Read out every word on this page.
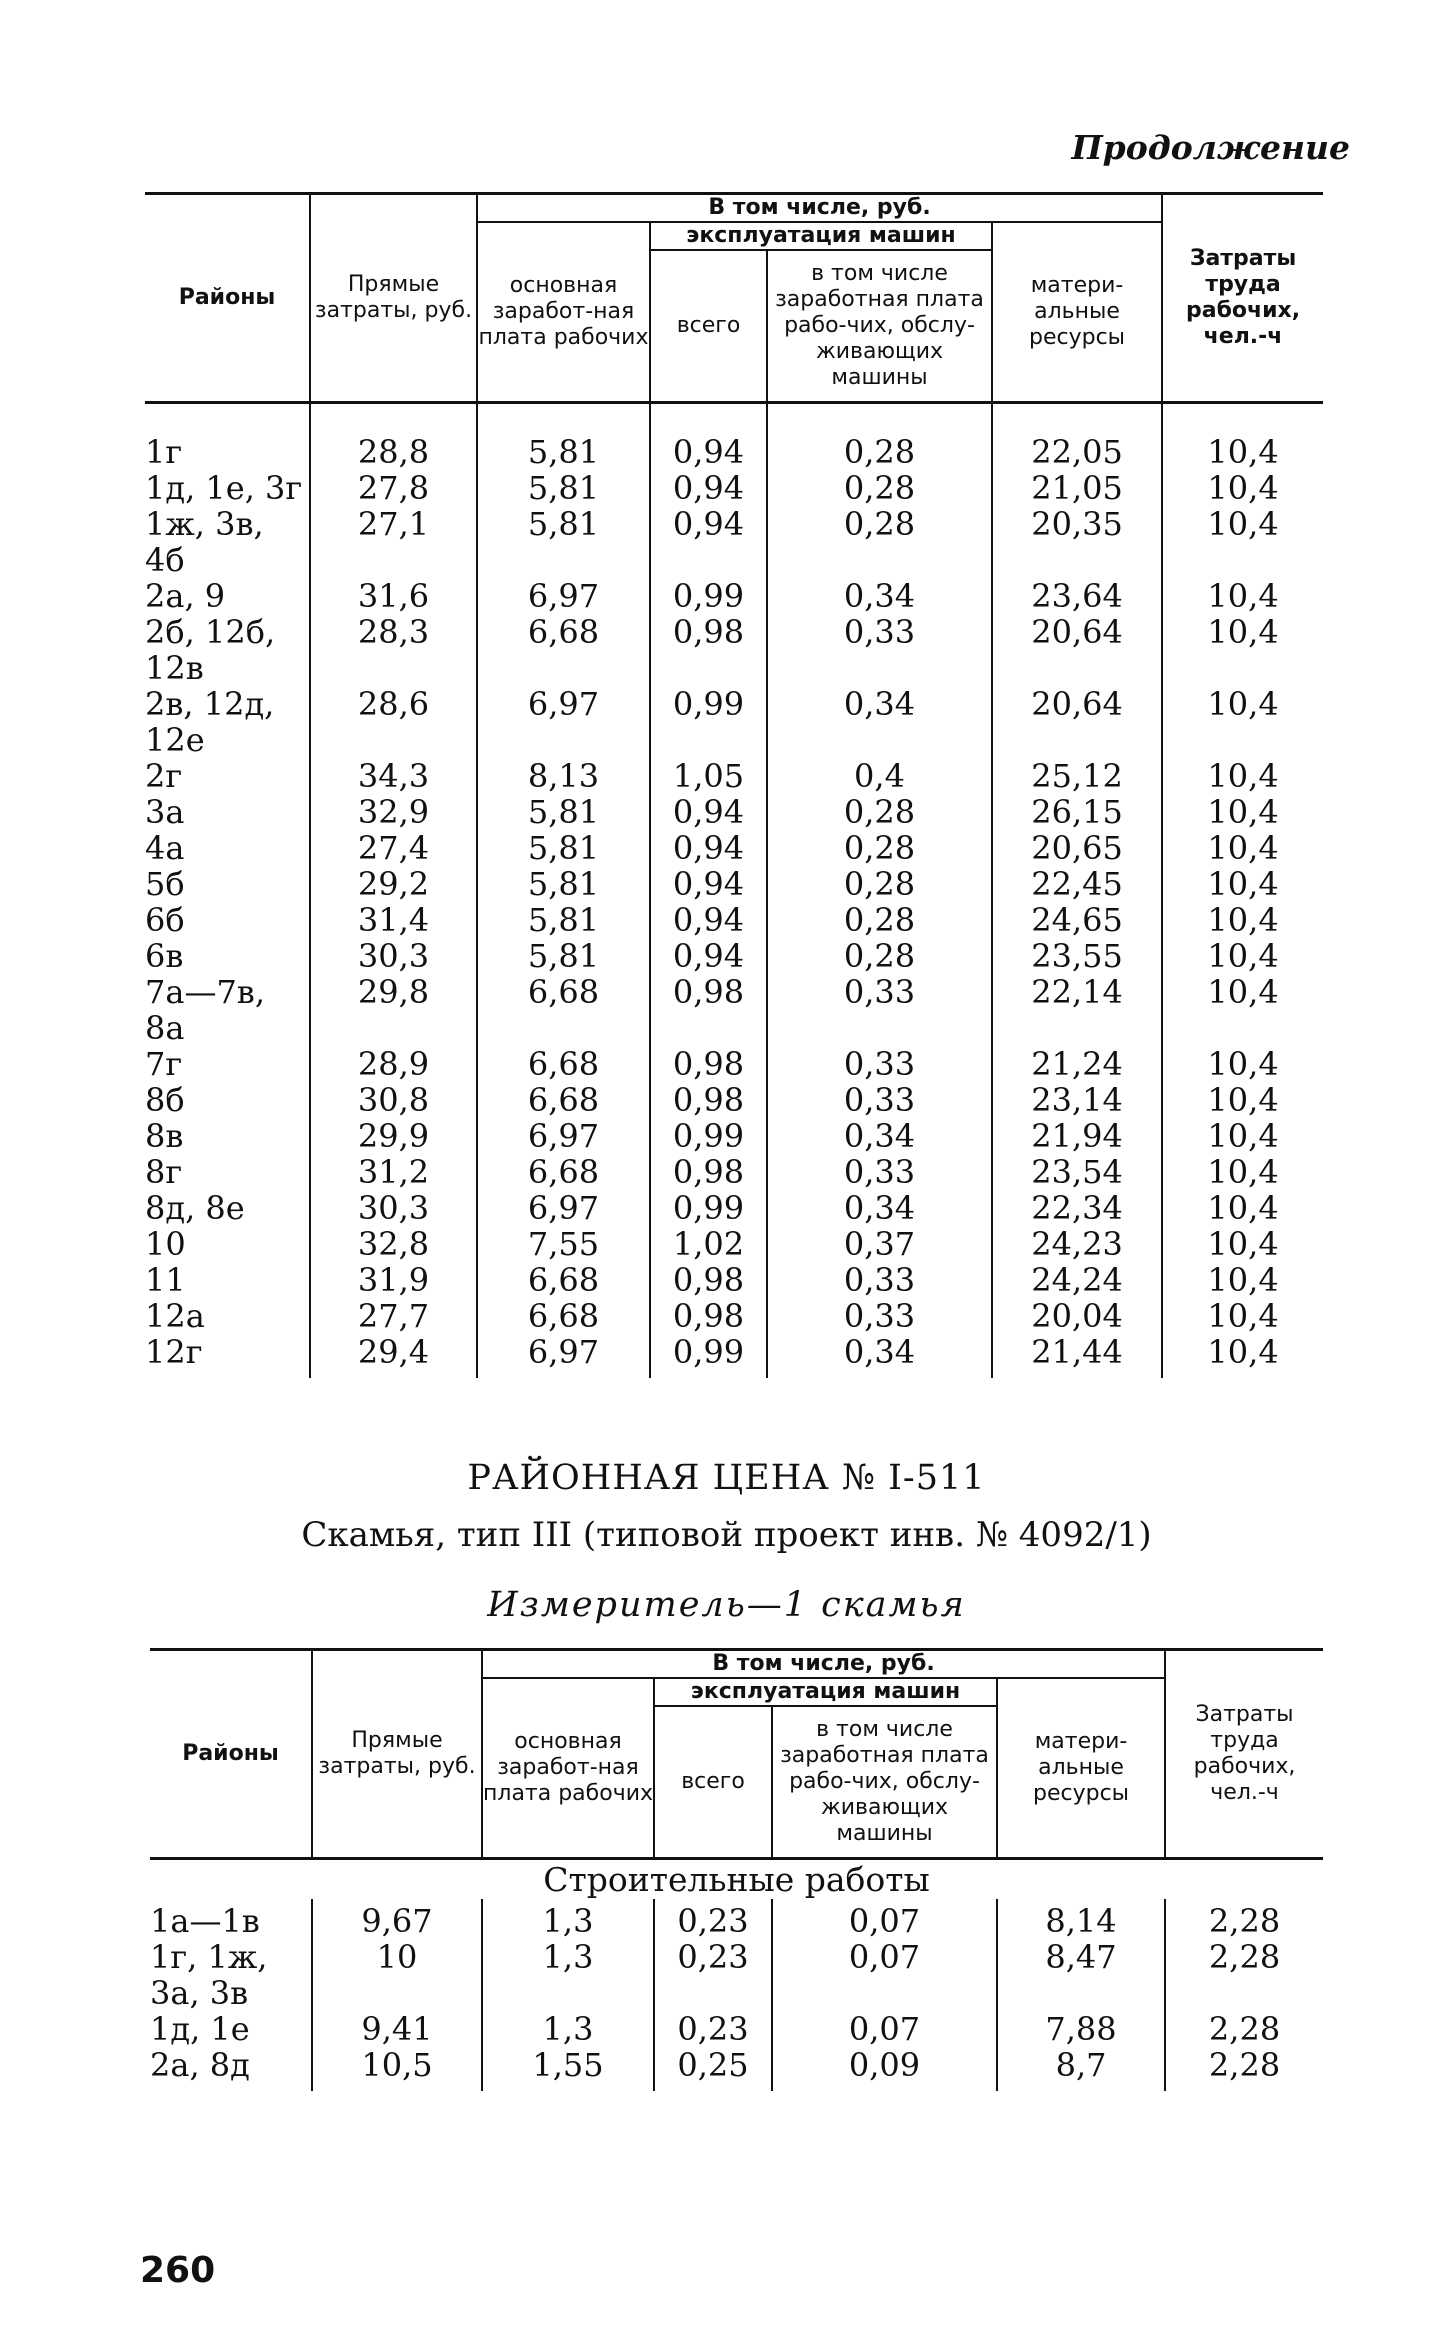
Продолжение
Районы	Прямые затраты, руб.	В том числе, руб.				Затраты труда рабочих, чел.-ч
		основная заработ-ная плата рабочих	эксплуатация машин		матери-альные ресурсы	
			всего	в том числе заработная плата рабо-чих, обслу-живающих машины		
1г	28,8	5,81	0,94	0,28	22,05	10,4
1д, 1е, 3г	27,8	5,81	0,94	0,28	21,05	10,4
1ж, 3в, 4б	27,1	5,81	0,94	0,28	20,35	10,4
2а, 9	31,6	6,97	0,99	0,34	23,64	10,4
2б, 12б, 12в	28,3	6,68	0,98	0,33	20,64	10,4
2в, 12д, 12е	28,6	6,97	0,99	0,34	20,64	10,4
2г	34,3	8,13	1,05	0,4	25,12	10,4
3а	32,9	5,81	0,94	0,28	26,15	10,4
4а	27,4	5,81	0,94	0,28	20,65	10,4
5б	29,2	5,81	0,94	0,28	22,45	10,4
6б	31,4	5,81	0,94	0,28	24,65	10,4
6в	30,3	5,81	0,94	0,28	23,55	10,4
7а—7в, 8а	29,8	6,68	0,98	0,33	22,14	10,4
7г	28,9	6,68	0,98	0,33	21,24	10,4
8б	30,8	6,68	0,98	0,33	23,14	10,4
8в	29,9	6,97	0,99	0,34	21,94	10,4
8г	31,2	6,68	0,98	0,33	23,54	10,4
8д, 8е	30,3	6,97	0,99	0,34	22,34	10,4
10	32,8	7,55	1,02	0,37	24,23	10,4
11	31,9	6,68	0,98	0,33	24,24	10,4
12а	27,7	6,68	0,98	0,33	20,04	10,4
12г	29,4	6,97	0,99	0,34	21,44	10,4

РАЙОННАЯ ЦЕНА № I-511
Скамья, тип III (типовой проект инв. № 4092/1)
Измеритель—1 скамья
Районы	Прямые затраты, руб.	В том числе, руб.				Затраты труда рабочих, чел.-ч
		основная заработ-ная плата рабочих	эксплуатация машин		матери-альные ресурсы	
			всего	в том числе заработная плата рабо-чих, обслу-живающих машины		
Строительные работы						
1а—1в	9,67	1,3	0,23	0,07	8,14	2,28
1г, 1ж, 3а, 3в	10	1,3	0,23	0,07	8,47	2,28
1д, 1е	9,41	1,3	0,23	0,07	7,88	2,28
2а, 8д	10,5	1,55	0,25	0,09	8,7	2,28

260
